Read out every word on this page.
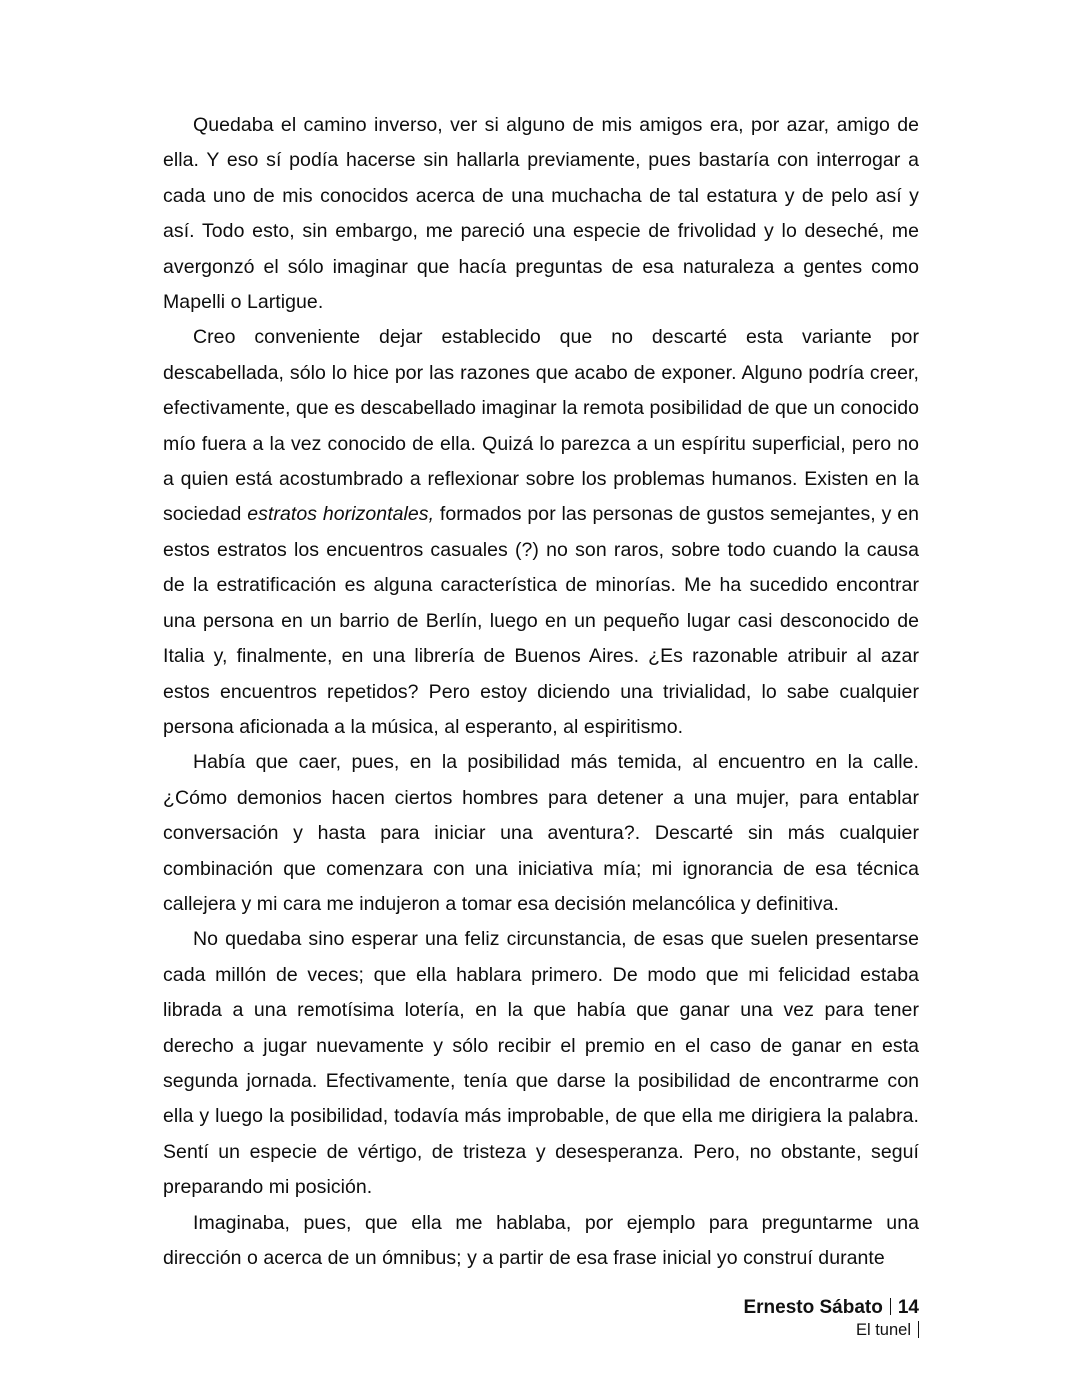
Quedaba el camino inverso, ver si alguno de mis amigos era, por azar, amigo de ella. Y eso sí podía hacerse sin hallarla previamente, pues bastaría con interrogar a cada uno de mis conocidos acerca de una muchacha de tal estatura y de pelo así y así. Todo esto, sin embargo, me pareció una especie de frivolidad y lo deseché, me avergonzó el sólo imaginar que hacía preguntas de esa naturaleza a gentes como Mapelli o Lartigue.

Creo conveniente dejar establecido que no descarté esta variante por descabellada, sólo lo hice por las razones que acabo de exponer. Alguno podría creer, efectivamente, que es descabellado imaginar la remota posibilidad de que un conocido mío fuera a la vez conocido de ella. Quizá lo parezca a un espíritu superficial, pero no a quien está acostumbrado a reflexionar sobre los problemas humanos. Existen en la sociedad estratos horizontales, formados por las personas de gustos semejantes, y en estos estratos los encuentros casuales (?) no son raros, sobre todo cuando la causa de la estratificación es alguna característica de minorías. Me ha sucedido encontrar una persona en un barrio de Berlín, luego en un pequeño lugar casi desconocido de Italia y, finalmente, en una librería de Buenos Aires. ¿Es razonable atribuir al azar estos encuentros repetidos? Pero estoy diciendo una trivialidad, lo sabe cualquier persona aficionada a la música, al esperanto, al espiritismo.

Había que caer, pues, en la posibilidad más temida, al encuentro en la calle. ¿Cómo demonios hacen ciertos hombres para detener a una mujer, para entablar conversación y hasta para iniciar una aventura?. Descarté sin más cualquier combinación que comenzara con una iniciativa mía; mi ignorancia de esa técnica callejera y mi cara me indujeron a tomar esa decisión melancólica y definitiva.

No quedaba sino esperar una feliz circunstancia, de esas que suelen presentarse cada millón de veces; que ella hablara primero. De modo que mi felicidad estaba librada a una remotísima lotería, en la que había que ganar una vez para tener derecho a jugar nuevamente y sólo recibir el premio en el caso de ganar en esta segunda jornada. Efectivamente, tenía que darse la posibilidad de encontrarme con ella y luego la posibilidad, todavía más improbable, de que ella me dirigiera la palabra. Sentí un especie de vértigo, de tristeza y desesperanza. Pero, no obstante, seguí preparando mi posición.

Imaginaba, pues, que ella me hablaba, por ejemplo para preguntarme una dirección o acerca de un ómnibus; y a partir de esa frase inicial yo construí durante

Ernesto Sábato 14
El tunel
